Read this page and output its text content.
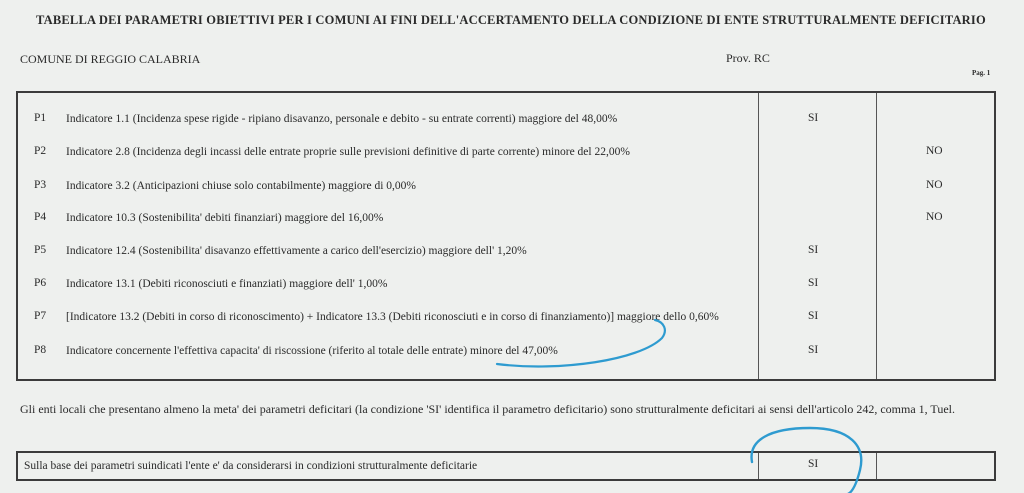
TABELLA DEI PARAMETRI OBIETTIVI PER I COMUNI AI FINI DELL'ACCERTAMENTO DELLA CONDIZIONE DI ENTE STRUTTURALMENTE DEFICITARIO
COMUNE DI REGGIO CALABRIA	Prov. RC
Pag. 1
P1 Indicatore 1.1 (Incidenza spese rigide - ripiano disavanzo, personale e debito - su entrate correnti) maggiore del 48,00%	SI
P2 Indicatore 2.8 (Incidenza degli incassi delle entrate proprie sulle previsioni definitive di parte corrente) minore del 22,00%	NO
P3 Indicatore 3.2 (Anticipazioni chiuse solo contabilmente) maggiore di 0,00%	NO
P4 Indicatore 10.3 (Sostenibilita' debiti finanziari) maggiore del 16,00%	NO
P5 Indicatore 12.4 (Sostenibilita' disavanzo effettivamente a carico dell'esercizio) maggiore dell' 1,20%	SI
P6 Indicatore 13.1 (Debiti riconosciuti e finanziati) maggiore dell' 1,00%	SI
P7 [Indicatore 13.2 (Debiti in corso di riconoscimento) + Indicatore 13.3 (Debiti riconosciuti e in corso di finanziamento)] maggiore dello 0,60%	SI
P8 Indicatore concernente l'effettiva capacita' di riscossione (riferito al totale delle entrate) minore del 47,00%	SI
Gli enti locali che presentano almeno la meta' dei parametri deficitari (la condizione 'SI' identifica il parametro deficitario) sono strutturalmente deficitari ai sensi dell'articolo 242, comma 1, Tuel.
Sulla base dei parametri suindicati l'ente e' da considerarsi in condizioni strutturalmente deficitarie	SI
